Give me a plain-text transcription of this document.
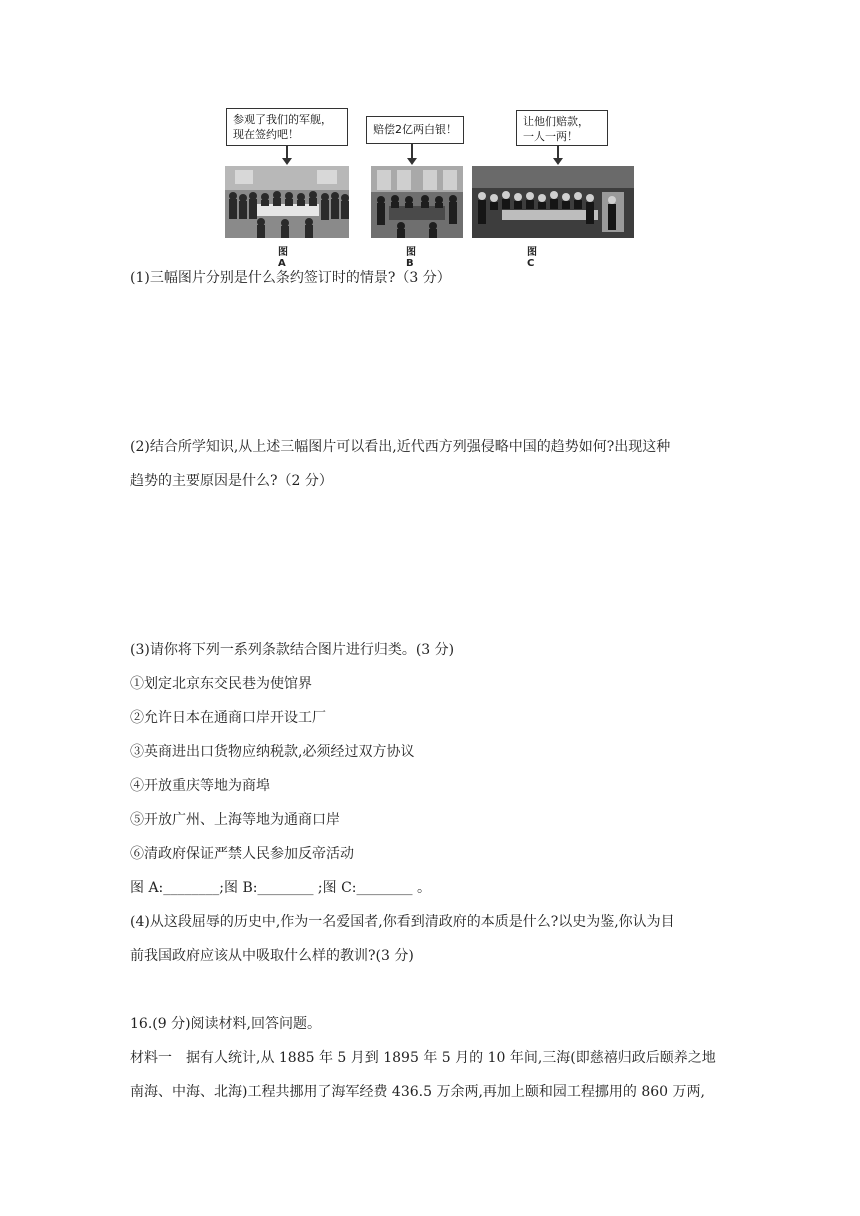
参观了我们的军舰，
现在签约吧！
图A
赔偿2亿两白银！
图B
让他们赔款，
一人一两！
图C
(1)三幅图片分别是什么条约签订时的情景?（3 分）
(2)结合所学知识,从上述三幅图片可以看出,近代西方列强侵略中国的趋势如何?出现这种
趋势的主要原因是什么?（2 分）
(3)请你将下列一系列条款结合图片进行归类。(3 分)
①划定北京东交民巷为使馆界
②允许日本在通商口岸开设工厂
③英商进出口货物应纳税款,必须经过双方协议
④开放重庆等地为商埠
⑤开放广州、上海等地为通商口岸
⑥清政府保证严禁人民参加反帝活动
图 A:________;图 B:________ ;图 C:________ 。
(4)从这段屈辱的历史中,作为一名爱国者,你看到清政府的本质是什么?以史为鉴,你认为目
前我国政府应该从中吸取什么样的教训?(3 分)
16.(9 分)阅读材料,回答问题。
材料一　据有人统计,从 1885 年 5 月到 1895 年 5 月的 10 年间,三海(即慈禧归政后颐养之地
南海、中海、北海)工程共挪用了海军经费 436.5 万余两,再加上颐和园工程挪用的 860 万两,
